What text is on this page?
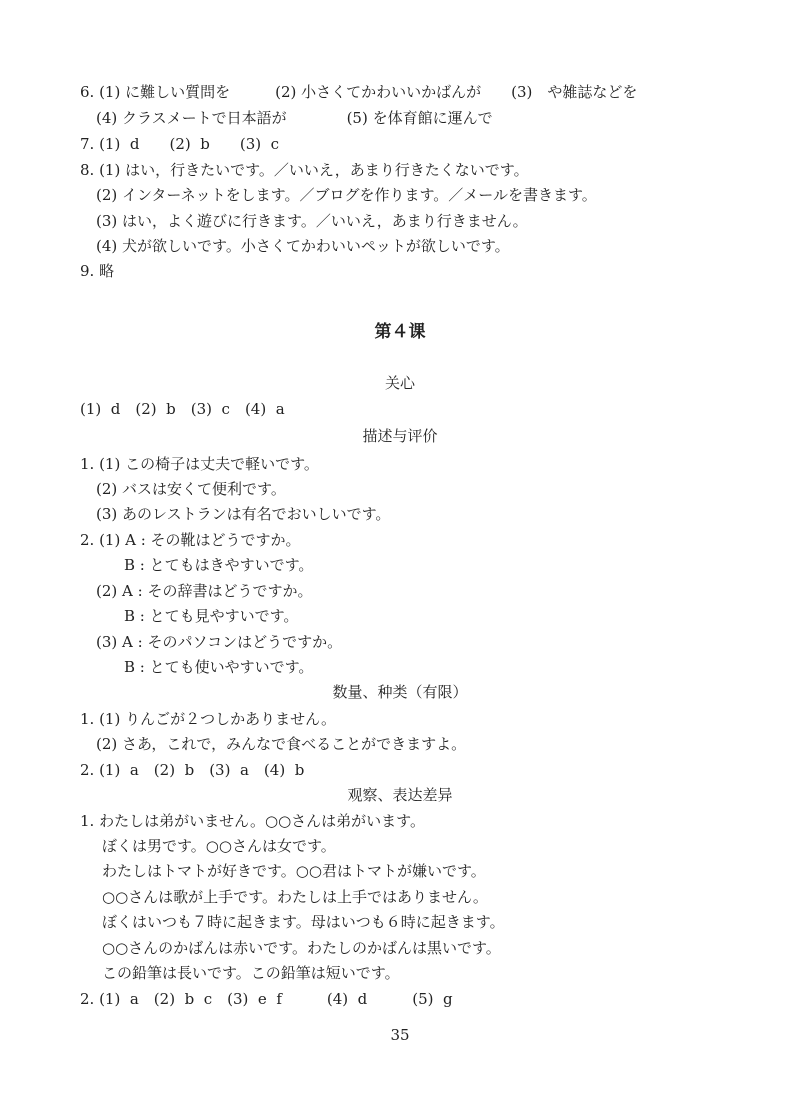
6. (1) に難しい質問を　　　(2) 小さくてかわいいかばんが　　(3)　や雑誌などを
(4) クラスメートで日本語が　　　　(5) を体育館に運んで
7. (1)  d　　(2)  b　　(3)  c
8. (1) はい，行きたいです。／いいえ，あまり行きたくないです。
(2) インターネットをします。／ブログを作ります。／メールを書きます。
(3) はい，よく遊びに行きます。／いいえ，あまり行きません。
(4) 犬が欲しいです。小さくてかわいいペットが欲しいです。
9. 略
第４课
关心
(1)  d　(2)  b　(3)  c　(4)  a
描述与评价
1. (1) この椅子は丈夫で軽いです。
(2) バスは安くて便利です。
(3) あのレストランは有名でおいしいです。
2. (1) A : その靴はどうですか。
B : とてもはきやすいです。
(2) A : その辞書はどうですか。
B : とても見やすいです。
(3) A : そのパソコンはどうですか。
B : とても使いやすいです。
数量、种类（有限）
1. (1) りんごが２つしかありません。
(2) さあ，これで，みんなで食べることができますよ。
2. (1)  a　(2)  b　(3)  a　(4)  b
观察、表达差异
1. わたしは弟がいません。○○さんは弟がいます。
ぼくは男です。○○さんは女です。
わたしはトマトが好きです。○○君はトマトが嫌いです。
○○さんは歌が上手です。わたしは上手ではありません。
ぼくはいつも７時に起きます。母はいつも６時に起きます。
○○さんのかばんは赤いです。わたしのかばんは黒いです。
この鉛筆は長いです。この鉛筆は短いです。
2. (1)  a　(2)  b  c　(3)  e  f　　　(4)  d　　　(5)  g
35
